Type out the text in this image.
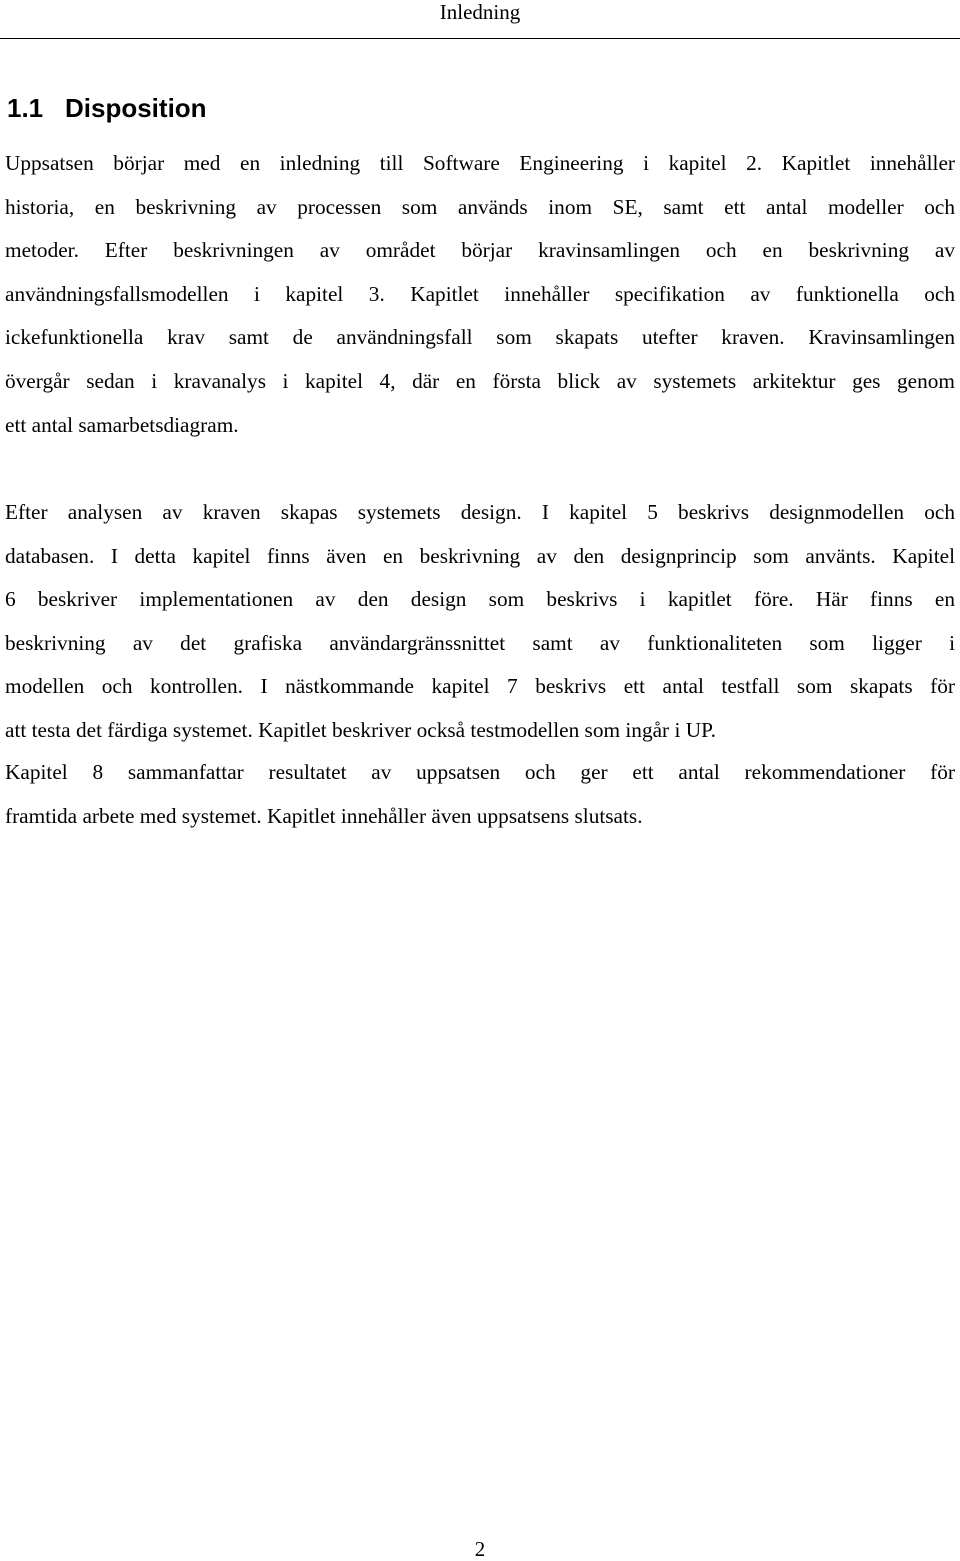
Inledning
1.1 Disposition
Uppsatsen börjar med en inledning till Software Engineering i kapitel 2. Kapitlet innehåller
historia, en beskrivning av processen som används inom SE, samt ett antal modeller och
metoder. Efter beskrivningen av området börjar kravinsamlingen och en beskrivning av
användningsfallsmodellen i kapitel 3. Kapitlet innehåller specifikation av funktionella och
ickefunktionella krav samt de användningsfall som skapats utefter kraven. Kravinsamlingen
övergår sedan i kravanalys i kapitel 4, där en första blick av systemets arkitektur ges genom
ett antal samarbetsdiagram.
Efter analysen av kraven skapas systemets design. I kapitel 5 beskrivs designmodellen och
databasen. I detta kapitel finns även en beskrivning av den designprincip som använts. Kapitel
6 beskriver implementationen av den design som beskrivs i kapitlet före. Här finns en
beskrivning av det grafiska användargränssnittet samt av funktionaliteten som ligger i
modellen och kontrollen. I nästkommande kapitel 7 beskrivs ett antal testfall som skapats för
att testa det färdiga systemet. Kapitlet beskriver också testmodellen som ingår i UP.
Kapitel 8 sammanfattar resultatet av uppsatsen och ger ett antal rekommendationer för
framtida arbete med systemet. Kapitlet innehåller även uppsatsens slutsats.
2
